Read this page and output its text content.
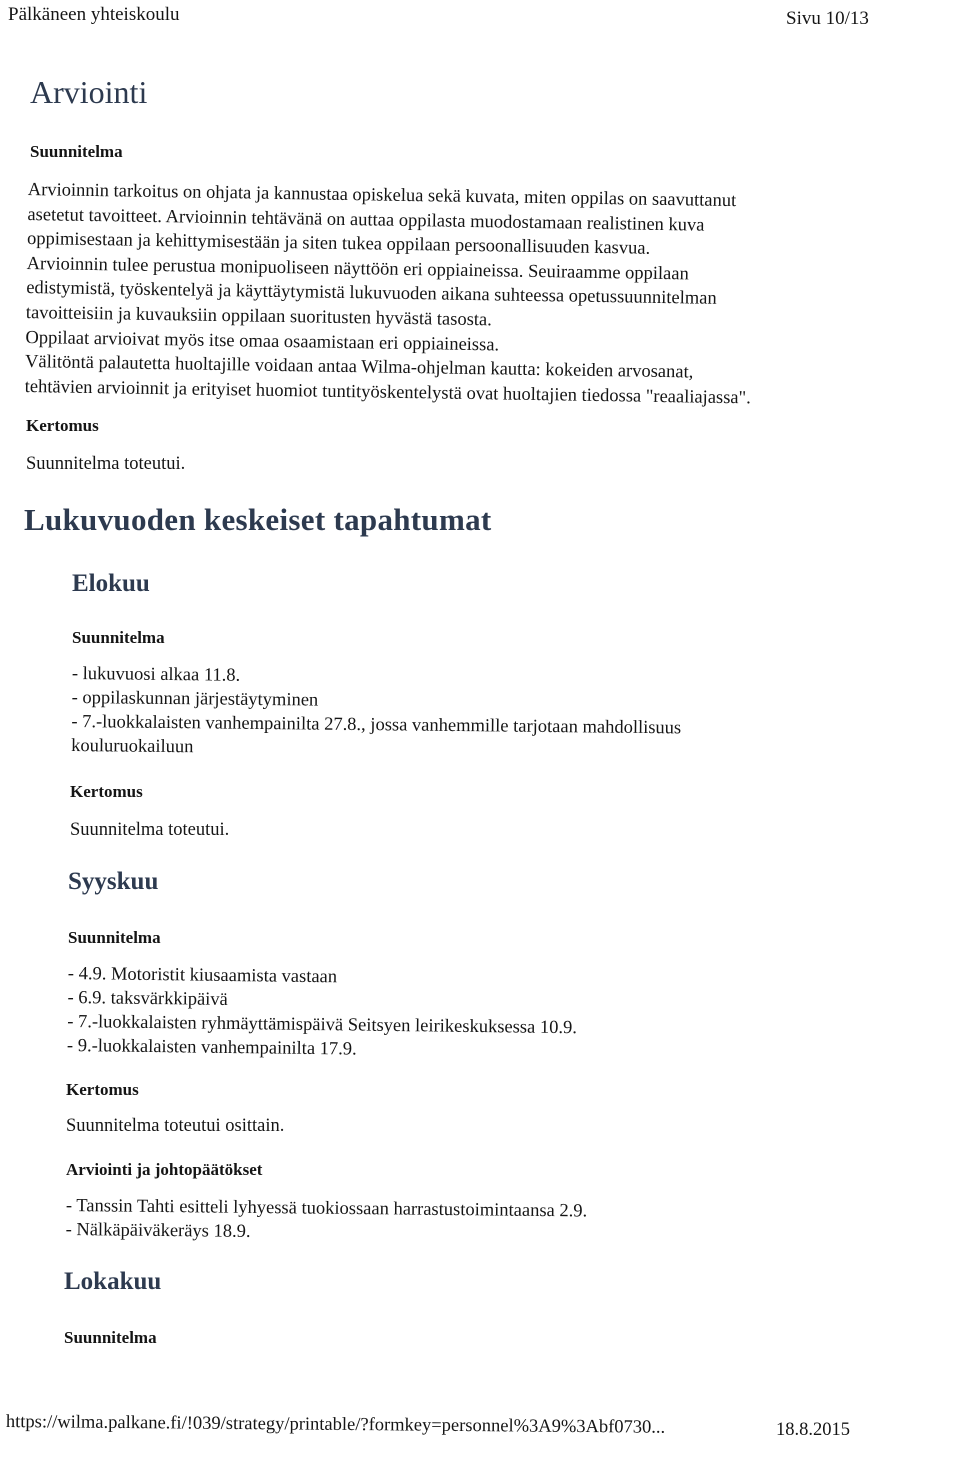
Pälkäneen yhteiskoulu	Sivu 10/13
Arviointi
Suunnitelma
Arvioinnin tarkoitus on ohjata ja kannustaa opiskelua sekä kuvata, miten oppilas on saavuttanut
asetetut tavoitteet. Arvioinnin tehtävänä on auttaa oppilasta muodostamaan realistinen kuva
oppimisestaan ja kehittymisestään ja siten tukea oppilaan persoonallisuuden kasvua.
Arvioinnin tulee perustua monipuoliseen näyttöön eri oppiaineissa. Seuiraamme oppilaan
edistymistä, työskentelyä ja käyttäytymistä lukuvuoden aikana suhteessa opetussuunnitelman
tavoitteisiin ja kuvauksiin oppilaan suoritusten hyvästä tasosta.
Oppilaat arvioivat myös itse omaa osaamistaan eri oppiaineissa.
Välitöntä palautetta huoltajille voidaan antaa Wilma-ohjelman kautta: kokeiden arvosanat,
tehtävien arvioinnit ja erityiset huomiot tuntityöskentelystä ovat huoltajien tiedossa "reaaliajassa".
Kertomus
Suunnitelma toteutui.
Lukuvuoden keskeiset tapahtumat
Elokuu
Suunnitelma
- lukuvuosi alkaa 11.8.
- oppilaskunnan järjestäytyminen
- 7.-luokkalaisten vanhempainilta 27.8., jossa vanhemmille tarjotaan mahdollisuus
kouluruokailuun
Kertomus
Suunnitelma toteutui.
Syyskuu
Suunnitelma
- 4.9. Motoristit kiusaamista vastaan
- 6.9. taksvärkkipäivä
- 7.-luokkalaisten ryhmäyttämispäivä Seitsyen leirikeskuksessa 10.9.
- 9.-luokkalaisten vanhempainilta 17.9.
Kertomus
Suunnitelma toteutui osittain.
Arviointi ja johtopäätökset
- Tanssin Tahti esitteli lyhyessä tuokiossaan harrastustoimintaansa 2.9.
- Nälkäpäiväkeräys 18.9.
Lokakuu
Suunnitelma
https://wilma.palkane.fi/!039/strategy/printable/?formkey=personnel%3A9%3Abf0730...	18.8.2015
